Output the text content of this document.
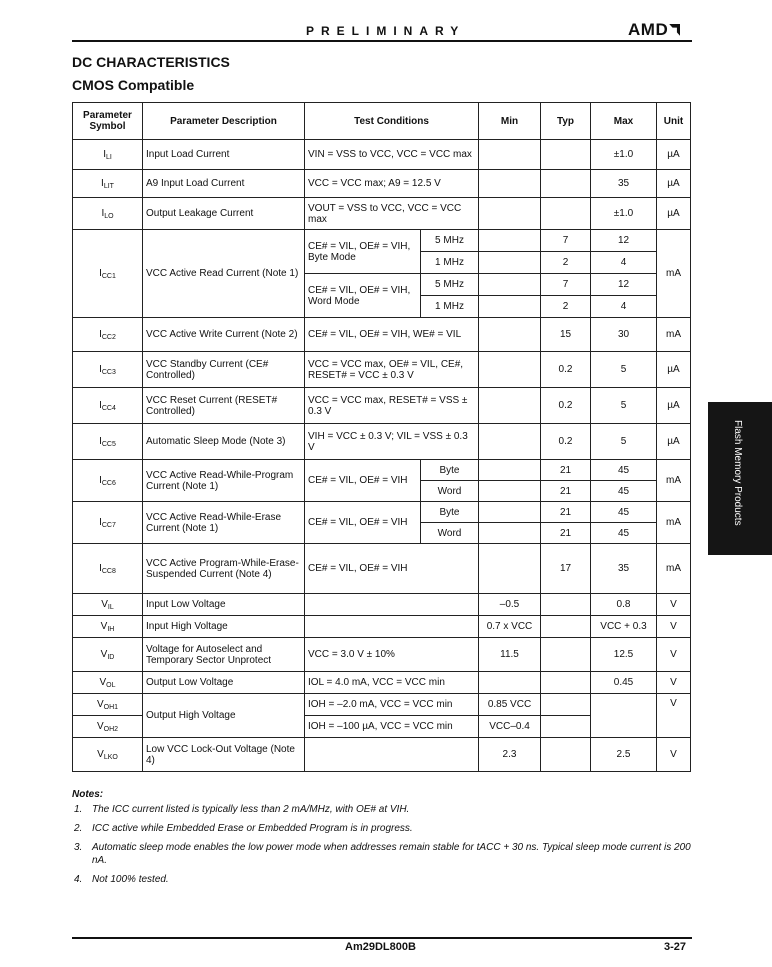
PRELIMINARY	AMD
DC CHARACTERISTICS
CMOS Compatible
Parameter Symbol	Parameter Description	Test Conditions		Min	Typ	Max	Unit
$I_{LI}$	Input Load Current	VIN = VSS to VCC, VCC = VCC max				±1.0	µA
$I_{LIT}$	A9 Input Load Current	VCC = VCC max; A9 = 12.5 V				35	µA
$I_{LO}$	Output Leakage Current	VOUT = VSS to VCC, VCC = VCC max				±1.0	µA
$I_{CC1}$	VCC Active Read Current (Note 1)	CE# = VIL, OE# = VIH, Byte Mode	5 MHz		7	12	mA
			1 MHz		2	4	
		CE# = VIL, OE# = VIH, Word Mode	5 MHz		7	12	
			1 MHz		2	4	
$I_{CC2}$	VCC Active Write Current (Note 2)	CE# = VIL, OE# = VIH, WE# = VIL			15	30	mA
$I_{CC3}$	VCC Standby Current (CE# Controlled)	VCC = VCC max, OE# = VIL, CE#, RESET# = VCC ± 0.3 V			0.2	5	µA
$I_{CC4}$	VCC Reset Current (RESET# Controlled)	VCC = VCC max, RESET# = VSS ± 0.3 V			0.2	5	µA
$I_{CC5}$	Automatic Sleep Mode (Note 3)	VIH = VCC ± 0.3 V; VIL = VSS ± 0.3 V			0.2	5	µA
$I_{CC6}$	VCC Active Read-While-Program Current (Note 1)	CE# = VIL, OE# = VIH	Byte		21	45	mA
			Word		21	45	
$I_{CC7}$	VCC Active Read-While-Erase Current (Note 1)	CE# = VIL, OE# = VIH	Byte		21	45	mA
			Word		21	45	
$I_{CC8}$	VCC Active Program-While-Erase-Suspended Current (Note 4)	CE# = VIL, OE# = VIH			17	35	mA
$V_{IL}$	Input Low Voltage			–0.5		0.8	V
$V_{IH}$	Input High Voltage			0.7 x VCC		VCC + 0.3	V
$V_{ID}$	Voltage for Autoselect and Temporary Sector Unprotect	VCC = 3.0 V ± 10%		11.5		12.5	V
$V_{OL}$	Output Low Voltage	IOL = 4.0 mA, VCC = VCC min				0.45	V
$V_{OH1}$	Output High Voltage	IOH = –2.0 mA, VCC = VCC min		0.85 VCC			V
$V_{OH2}$		IOH = –100 µA, VCC = VCC min		VCC–0.4			
$V_{LKO}$	Low VCC Lock-Out Voltage (Note 4)			2.3		2.5	V
Notes:
1. The ICC current listed is typically less than 2 mA/MHz, with OE# at VIH.
2. ICC active while Embedded Erase or Embedded Program is in progress.
3. Automatic sleep mode enables the low power mode when addresses remain stable for tACC + 30 ns. Typical sleep mode current is 200 nA.
4. Not 100% tested.
Am29DL800B	3-27
Flash Memory Products
